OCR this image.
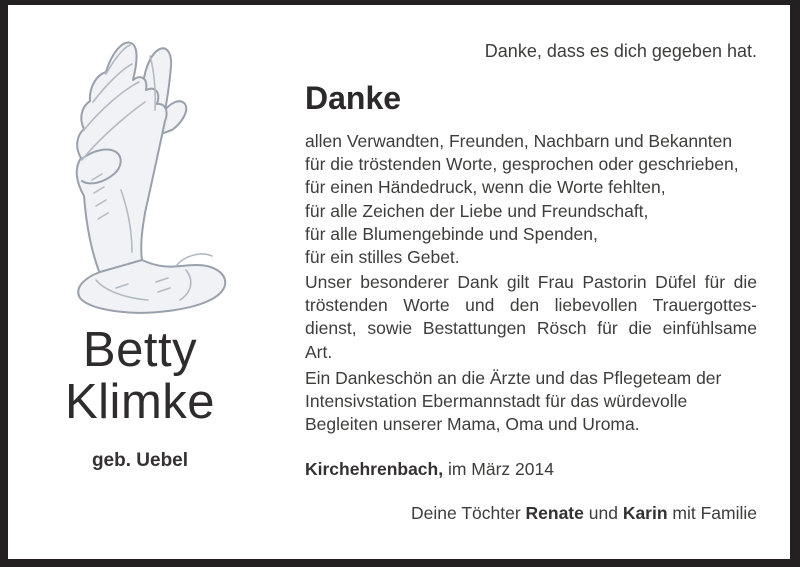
Betty
Klimke
geb. Uebel
Danke, dass es dich gegeben hat.
Danke
allen Verwandten, Freunden, Nachbarn und Bekannten
für die tröstenden Worte, gesprochen oder geschrieben,
für einen Händedruck, wenn die Worte fehlten,
für alle Zeichen der Liebe und Freundschaft,
für alle Blumengebinde und Spenden,
für ein stilles Gebet.
Unser besonderer Dank gilt Frau Pastorin Düfel für die
tröstenden Worte und den liebevollen Trauergottes-
dienst, sowie Bestattungen Rösch für die einfühlsame
Art.
Ein Dankeschön an die Ärzte und das Pflegeteam der
Intensivstation Ebermannstadt für das würdevolle
Begleiten unserer Mama, Oma und Uroma.
Kirchehrenbach, im März 2014
Deine Töchter Renate und Karin mit Familie
